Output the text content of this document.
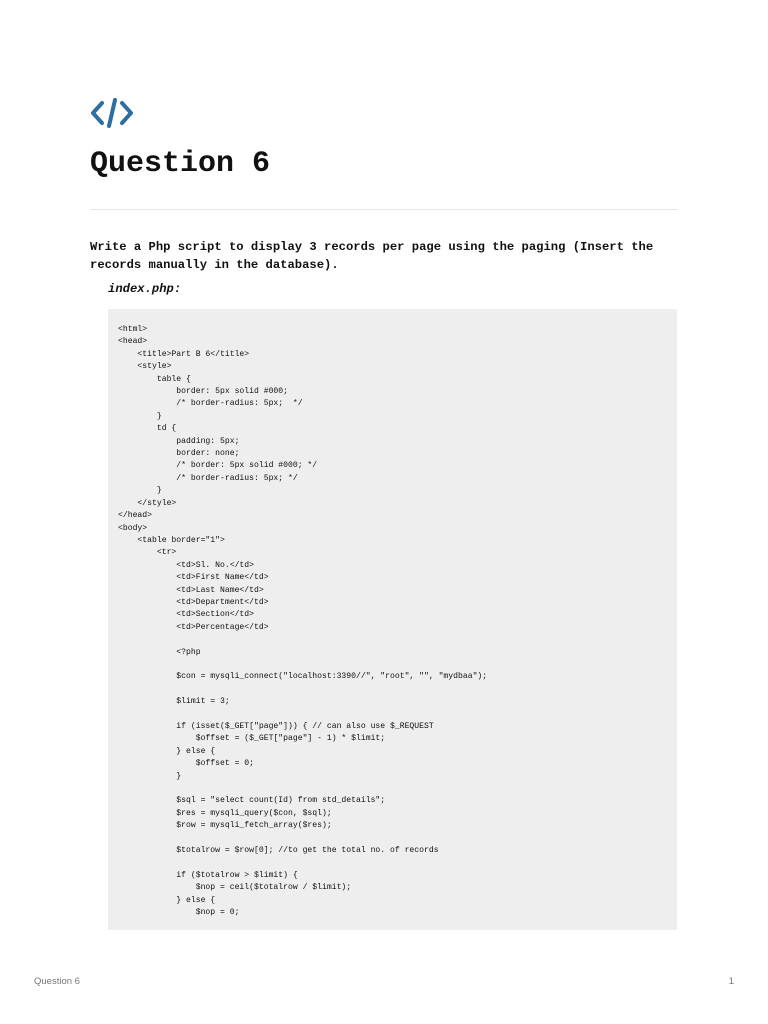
Question 6

Write a Php script to display 3 records per page using the paging (Insert the records manually in the database).

index.php:

<html>
<head>
<title>Part B 6</title>
<style>
table {
border: 5px solid #000;
/* border-radius: 5px;  */
}
td {
padding: 5px;
border: none;
/* border: 5px solid #000; */
/* border-radius: 5px; */
}
</style>
</head>
<body>
<table border="1">
<tr>
<td>Sl. No.</td>
<td>First Name</td>
<td>Last Name</td>
<td>Department</td>
<td>Section</td>
<td>Percentage</td>

<?php

$con = mysqli_connect("localhost:3390//", "root", "", "mydbaa");

$limit = 3;

if (isset($_GET["page"])) { // can also use $_REQUEST
$offset = ($_GET["page"] - 1) * $limit;
} else {
$offset = 0;
}

$sql = "select count(Id) from std_details";
$res = mysqli_query($con, $sql);
$row = mysqli_fetch_array($res);

$totalrow = $row[0]; //to get the total no. of records

if ($totalrow > $limit) {
$nop = ceil($totalrow / $limit);
} else {
$nop = 0;
Question 6	1
